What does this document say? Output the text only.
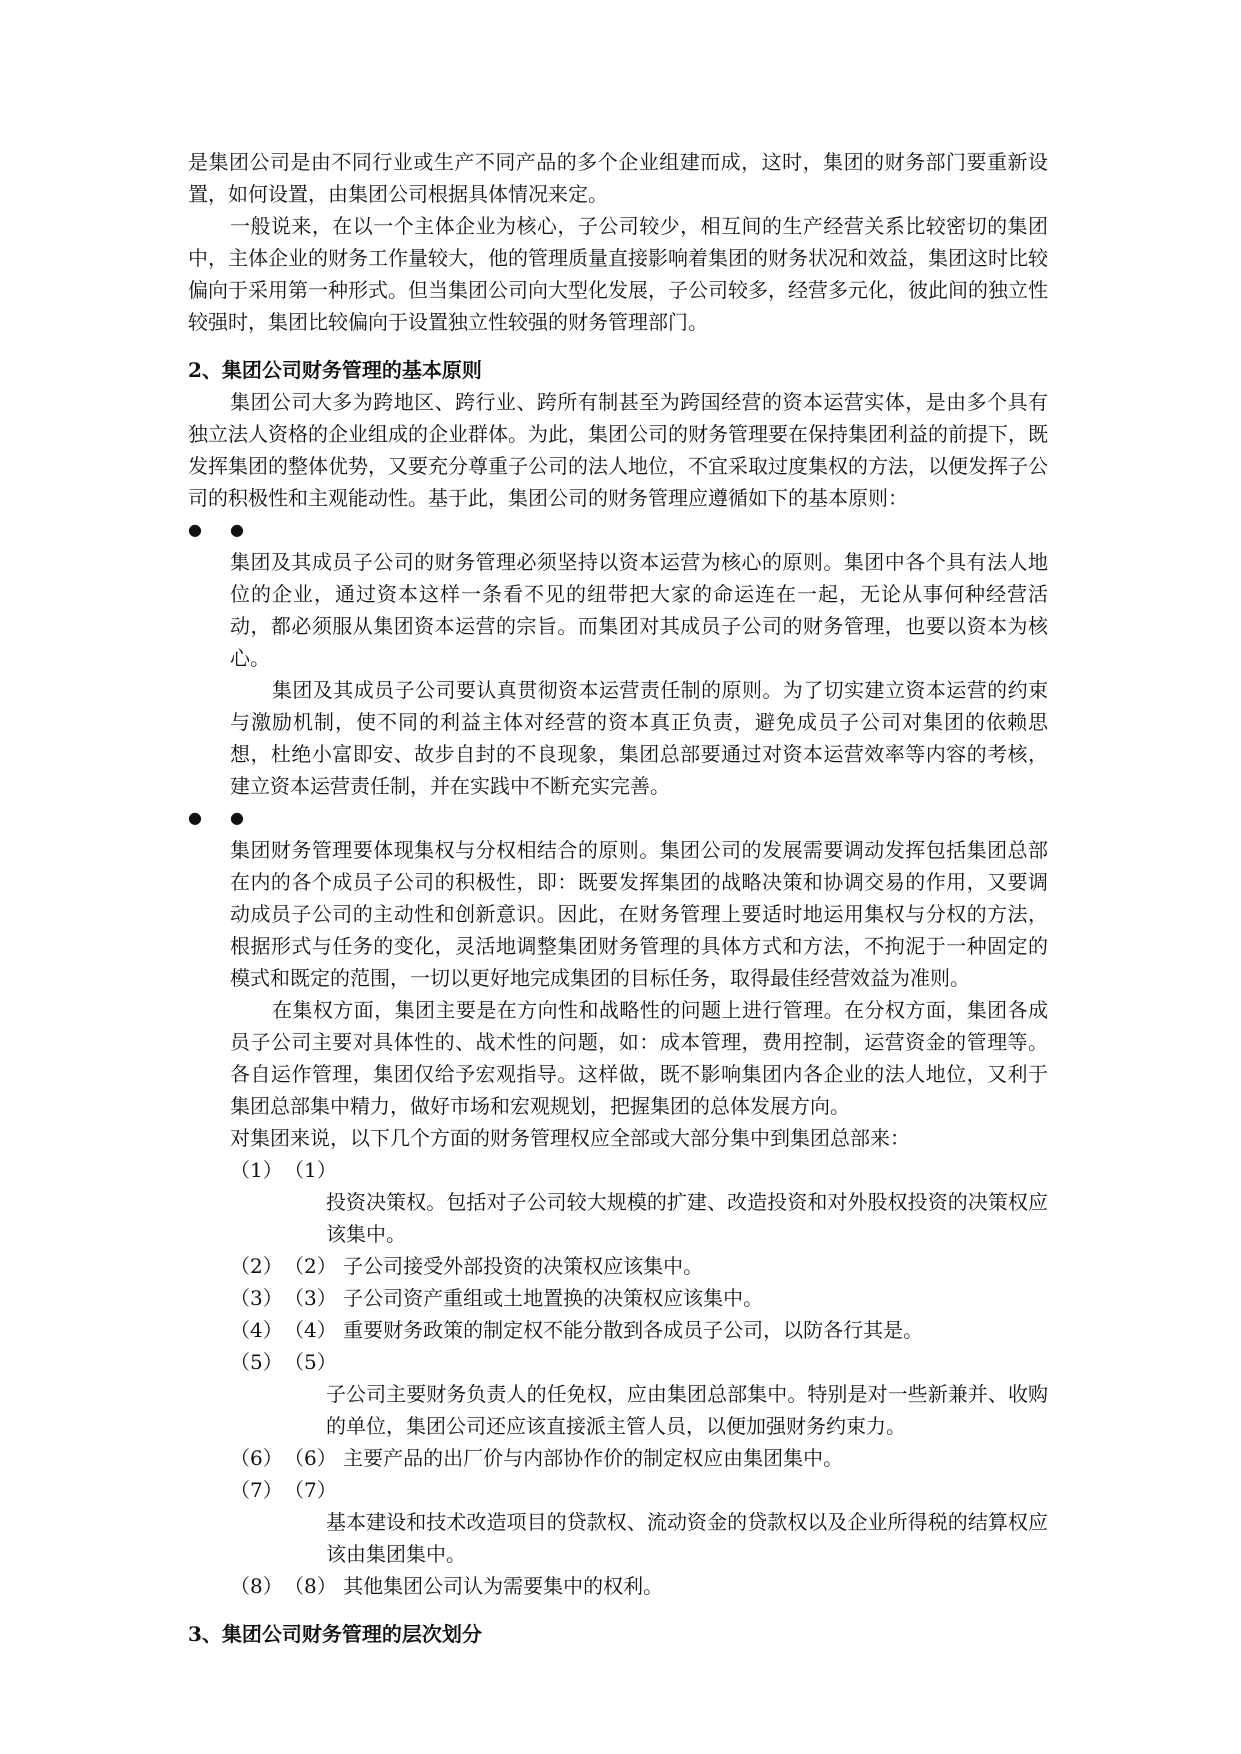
是集团公司是由不同行业或生产不同产品的多个企业组建而成，这时，集团的财务部门要重新设置，如何设置，由集团公司根据具体情况来定。

一般说来，在以一个主体企业为核心，子公司较少，相互间的生产经营关系比较密切的集团中，主体企业的财务工作量较大，他的管理质量直接影响着集团的财务状况和效益，集团这时比较偏向于采用第一种形式。但当集团公司向大型化发展，子公司较多，经营多元化，彼此间的独立性较强时，集团比较偏向于设置独立性较强的财务管理部门。

2、集团公司财务管理的基本原则

集团公司大多为跨地区、跨行业、跨所有制甚至为跨国经营的资本运营实体，是由多个具有独立法人资格的企业组成的企业群体。为此，集团公司的财务管理要在保持集团利益的前提下，既发挥集团的整体优势，又要充分尊重子公司的法人地位，不宜采取过度集权的方法，以便发挥子公司的积极性和主观能动性。基于此，集团公司的财务管理应遵循如下的基本原则：

● ●

集团及其成员子公司的财务管理必须坚持以资本运营为核心的原则。集团中各个具有法人地位的企业，通过资本这样一条看不见的纽带把大家的命运连在一起，无论从事何种经营活动，都必须服从集团资本运营的宗旨。而集团对其成员子公司的财务管理，也要以资本为核心。

集团及其成员子公司要认真贯彻资本运营责任制的原则。为了切实建立资本运营的约束与激励机制，使不同的利益主体对经营的资本真正负责，避免成员子公司对集团的依赖思想，杜绝小富即安、故步自封的不良现象，集团总部要通过对资本运营效率等内容的考核，建立资本运营责任制，并在实践中不断充实完善。

● ●

集团财务管理要体现集权与分权相结合的原则。集团公司的发展需要调动发挥包括集团总部在内的各个成员子公司的积极性，即：既要发挥集团的战略决策和协调交易的作用，又要调动成员子公司的主动性和创新意识。因此，在财务管理上要适时地运用集权与分权的方法，根据形式与任务的变化，灵活地调整集团财务管理的具体方式和方法，不拘泥于一种固定的模式和既定的范围，一切以更好地完成集团的目标任务，取得最佳经营效益为准则。

在集权方面，集团主要是在方向性和战略性的问题上进行管理。在分权方面，集团各成员子公司主要对具体性的、战术性的问题，如：成本管理，费用控制，运营资金的管理等。各自运作管理，集团仅给予宏观指导。这样做，既不影响集团内各企业的法人地位，又利于集团总部集中精力，做好市场和宏观规划，把握集团的总体发展方向。

对集团来说，以下几个方面的财务管理权应全部或大部分集中到集团总部来：

（1） （1）

投资决策权。包括对子公司较大规模的扩建、改造投资和对外股权投资的决策权应该集中。

（2） （2）
子公司接受外部投资的决策权应该集中。
（3） （3）
子公司资产重组或土地置换的决策权应该集中。
（4） （4）
重要财务政策的制定权不能分散到各成员子公司，以防各行其是。
（5） （5）

子公司主要财务负责人的任免权，应由集团总部集中。特别是对一些新兼并、收购的单位，集团公司还应该直接派主管人员，以便加强财务约束力。

（6） （6）
主要产品的出厂价与内部协作价的制定权应由集团集中。
（7） （7）

基本建设和技术改造项目的贷款权、流动资金的贷款权以及企业所得税的结算权应该由集团集中。

（8） （8）
其他集团公司认为需要集中的权利。
3、集团公司财务管理的层次划分
